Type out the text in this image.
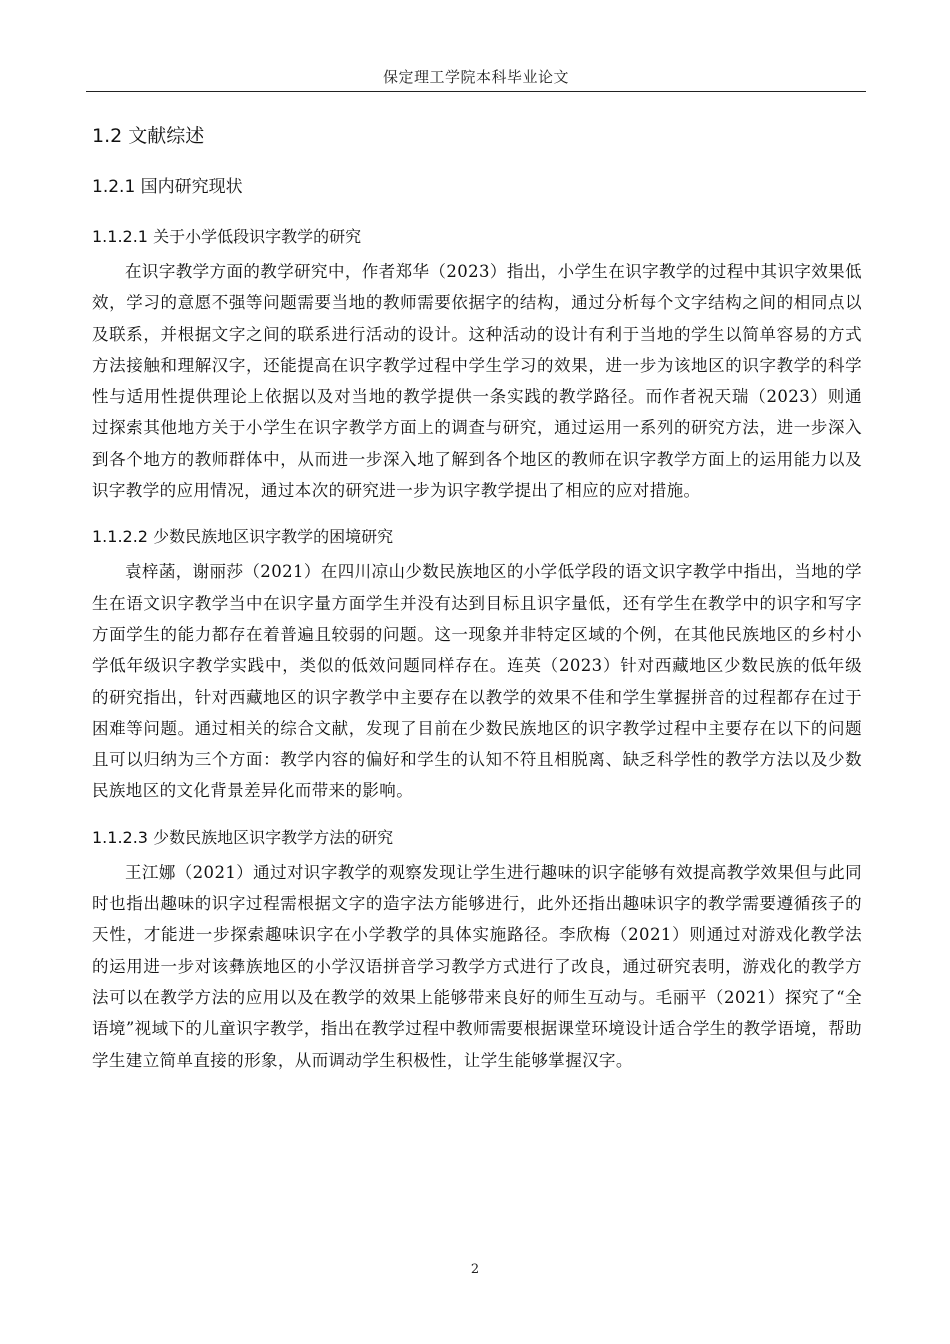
保定理工学院本科毕业论文
1.2 文献综述
1.2.1 国内研究现状
1.1.2.1 关于小学低段识字教学的研究

在识字教学方面的教学研究中，作者郑华（2023）指出，小学生在识字教学的过程中其识字效果低效，学习的意愿不强等问题需要当地的教师需要依据字的结构，通过分析每个文字结构之间的相同点以及联系，并根据文字之间的联系进行活动的设计。这种活动的设计有利于当地的学生以简单容易的方式方法接触和理解汉字，还能提高在识字教学过程中学生学习的效果，进一步为该地区的识字教学的科学性与适用性提供理论上依据以及对当地的教学提供一条实践的教学路径。而作者祝天瑞（2023）则通过探索其他地方关于小学生在识字教学方面上的调查与研究，通过运用一系列的研究方法，进一步深入到各个地方的教师群体中，从而进一步深入地了解到各个地区的教师在识字教学方面上的运用能力以及识字教学的应用情况，通过本次的研究进一步为识字教学提出了相应的应对措施。

1.1.2.2 少数民族地区识字教学的困境研究

袁梓菡，谢丽莎（2021）在四川凉山少数民族地区的小学低学段的语文识字教学中指出，当地的学生在语文识字教学当中在识字量方面学生并没有达到目标且识字量低，还有学生在教学中的识字和写字方面学生的能力都存在着普遍且较弱的问题。这一现象并非特定区域的个例，在其他民族地区的乡村小学低年级识字教学实践中，类似的低效问题同样存在。连英（2023）针对西藏地区少数民族的低年级的研究指出，针对西藏地区的识字教学中主要存在以教学的效果不佳和学生掌握拼音的过程都存在过于困难等问题。通过相关的综合文献，发现了目前在少数民族地区的识字教学过程中主要存在以下的问题且可以归纳为三个方面：教学内容的偏好和学生的认知不符且相脱离、缺乏科学性的教学方法以及少数民族地区的文化背景差异化而带来的影响。

1.1.2.3 少数民族地区识字教学方法的研究

王江娜（2021）通过对识字教学的观察发现让学生进行趣味的识字能够有效提高教学效果但与此同时也指出趣味的识字过程需根据文字的造字法方能够进行，此外还指出趣味识字的教学需要遵循孩子的天性，才能进一步探索趣味识字在小学教学的具体实施路径。李欣梅（2021）则通过对游戏化教学法的运用进一步对该彝族地区的小学汉语拼音学习教学方式进行了改良，通过研究表明，游戏化的教学方法可以在教学方法的应用以及在教学的效果上能够带来良好的师生互动与。毛丽平（2021）探究了“全语境”视域下的儿童识字教学，指出在教学过程中教师需要根据课堂环境设计适合学生的教学语境，帮助学生建立简单直接的形象，从而调动学生积极性，让学生能够掌握汉字。

2
